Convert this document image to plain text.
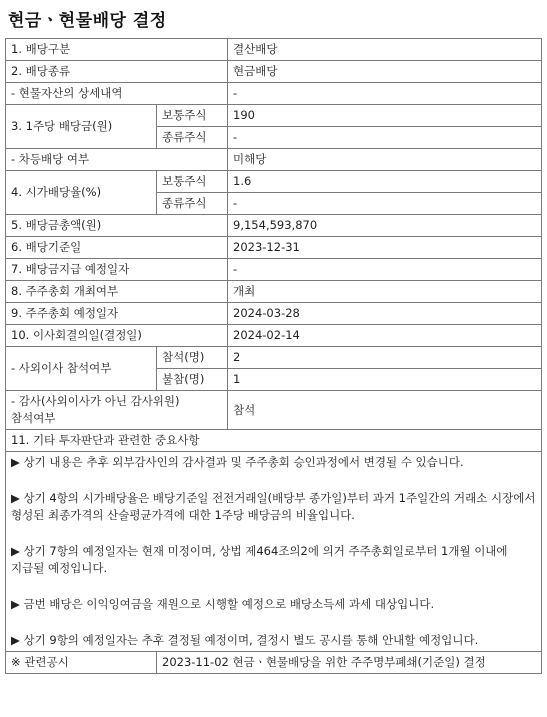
현금ㆍ현물배당 결정
1. 배당구분		결산배당
2. 배당종류		현금배당
- 현물자산의 상세내역		-
3. 1주당 배당금(원)	보통주식	190
	종류주식	-
- 차등배당 여부		미해당
4. 시가배당율(%)	보통주식	1.6
	종류주식	-
5. 배당금총액(원)		9,154,593,870
6. 배당기준일		2023-12-31
7. 배당금지급 예정일자		-
8. 주주총회 개최여부		개최
9. 주주총회 예정일자		2024-03-28
10. 이사회결의일(결정일)		2024-02-14
- 사외이사 참석여부	참석(명)	2
	불참(명)	1
- 감사(사외이사가 아닌 감사위원) 참석여부		참석
11. 기타 투자판단과 관련한 중요사항		

▶ 상기 내용은 추후 외부감사인의 감사결과 및 주주총회 승인과정에서 변경될 수 있습니다.

▶ 상기 4항의 시가배당율은 배당기준일 전전거래일(배당부 종가일)부터 과거 1주일간의 거래소 시장에서 형성된 최종가격의 산술평균가격에 대한 1주당 배당금의 비율입니다.

▶ 상기 7항의 예정일자는 현재 미정이며, 상법 제464조의2에 의거 주주총회일로부터 1개월 이내에 지급될 예정입니다.

▶ 금번 배당은 이익잉여금을 재원으로 시행할 예정으로 배당소득세 과세 대상입니다.

▶ 상기 9항의 예정일자는 추후 결정될 예정이며, 결정시 별도 공시를 통해 안내할 예정입니다.		

※ 관련공시	2023-11-02 현금ㆍ현물배당을 위한 주주명부폐쇄(기준일) 결정	
